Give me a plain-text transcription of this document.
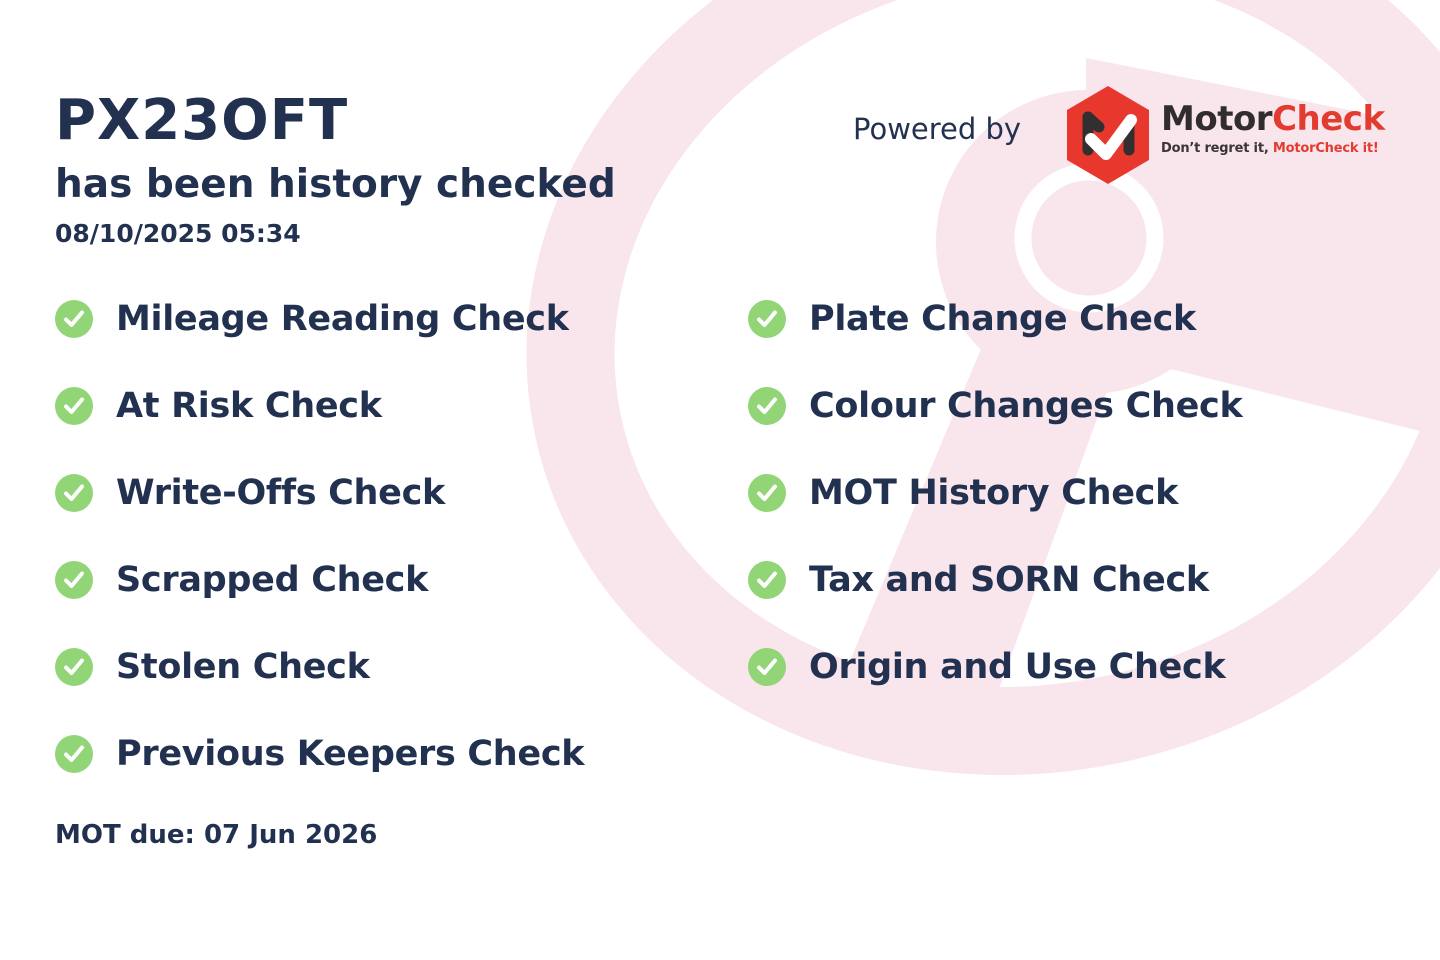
PX23OFT
has been history checked
08/10/2025 05:34
Powered by	MotorCheck
Don’t regret it, MotorCheck it!
Mileage Reading Check
At Risk Check
Write-Offs Check
Scrapped Check
Stolen Check
Previous Keepers Check
Plate Change Check
Colour Changes Check
MOT History Check
Tax and SORN Check
Origin and Use Check
MOT due: 07 Jun 2026
